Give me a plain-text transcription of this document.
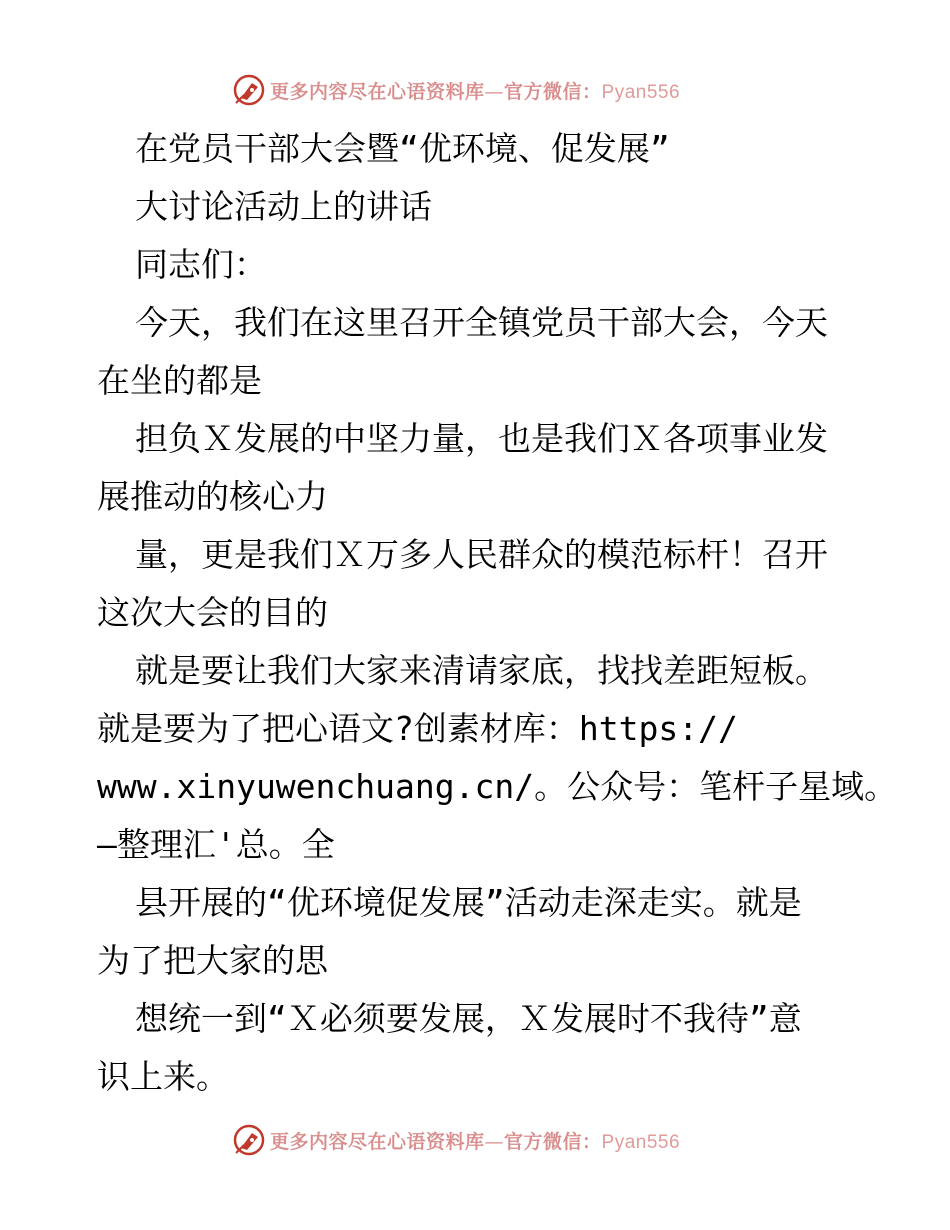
更多内容尽在心语资料库—官方微信：Pyan556
在党员干部大会暨“优环境、促发展”
大讨论活动上的讲话
同志们：
今天，我们在这里召开全镇党员干部大会，今天
在坐的都是
担负Ｘ发展的中坚力量，也是我们Ｘ各项事业发
展推动的核心力
量，更是我们Ｘ万多人民群众的模范标杆！召开
这次大会的目的
就是要让我们大家来清请家底，找找差距短板。
就是要为了把心语文?创素材库：https://
www.xinyuwenchuang.cn/。公众号：笔杆子星域。
—整理汇'总。全
县开展的“优环境促发展”活动走深走实。就是
为了把大家的思
想统一到“Ｘ必须要发展，Ｘ发展时不我待”意
识上来。
更多内容尽在心语资料库—官方微信：Pyan556
